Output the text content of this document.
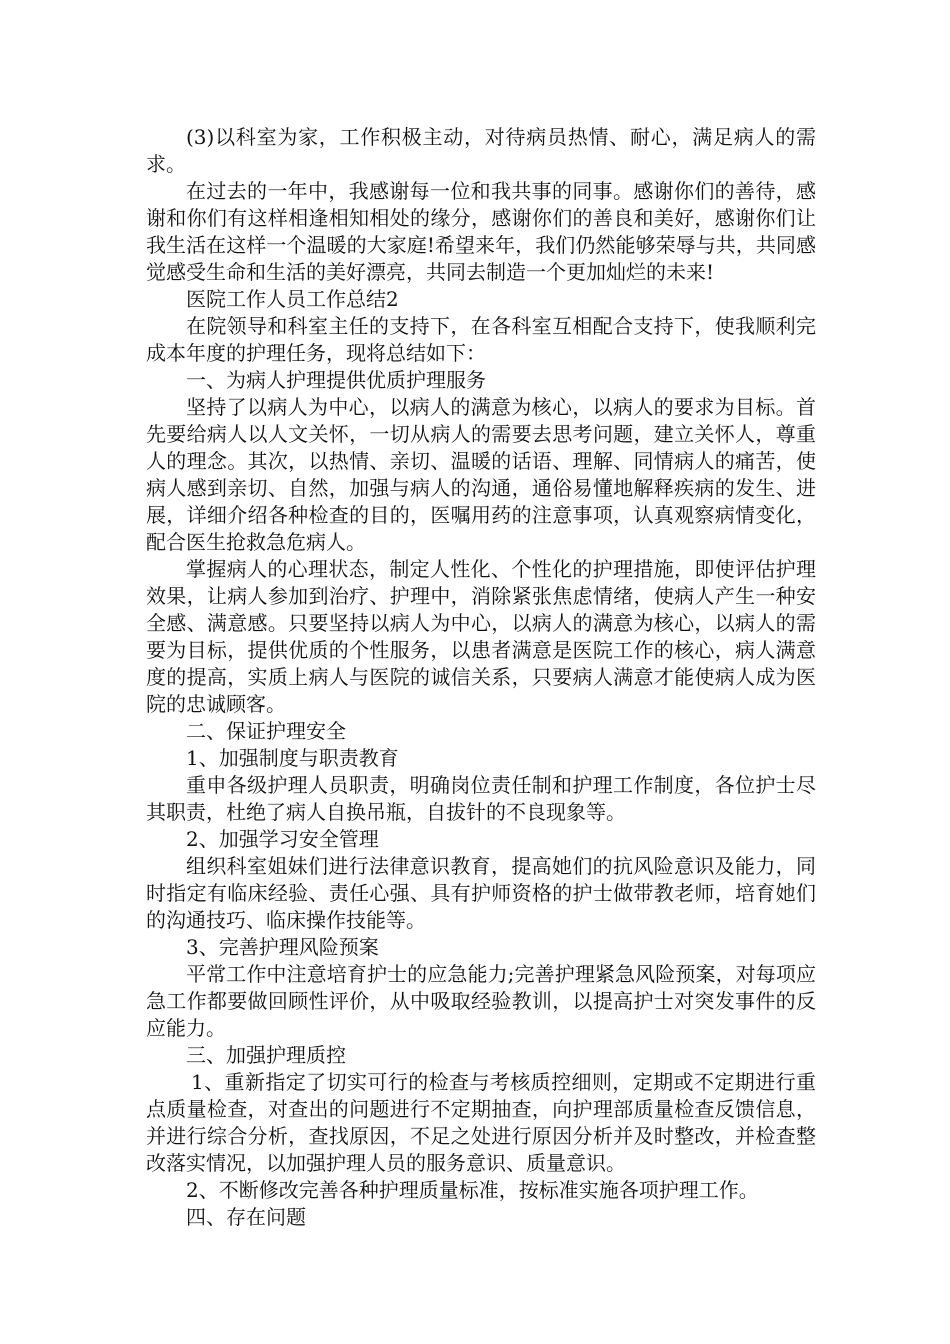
(3)以科室为家，工作积极主动，对待病员热情、耐心，满足病人的需求。

在过去的一年中，我感谢每一位和我共事的同事。感谢你们的善待，感谢和你们有这样相逢相知相处的缘分，感谢你们的善良和美好，感谢你们让我生活在这样一个温暖的大家庭!希望来年，我们仍然能够荣辱与共，共同感觉感受生命和生活的美好漂亮，共同去制造一个更加灿烂的未来!

医院工作人员工作总结2

在院领导和科室主任的支持下，在各科室互相配合支持下，使我顺利完成本年度的护理任务，现将总结如下：

一、为病人护理提供优质护理服务

坚持了以病人为中心，以病人的满意为核心，以病人的要求为目标。首先要给病人以人文关怀，一切从病人的需要去思考问题，建立关怀人，尊重人的理念。其次，以热情、亲切、温暖的话语、理解、同情病人的痛苦，使病人感到亲切、自然，加强与病人的沟通，通俗易懂地解释疾病的发生、进展，详细介绍各种检查的目的，医嘱用药的注意事项，认真观察病情变化，配合医生抢救急危病人。

掌握病人的心理状态，制定人性化、个性化的护理措施，即使评估护理效果，让病人参加到治疗、护理中，消除紧张焦虑情绪，使病人产生一种安全感、满意感。只要坚持以病人为中心，以病人的满意为核心，以病人的需要为目标，提供优质的个性服务，以患者满意是医院工作的核心，病人满意度的提高，实质上病人与医院的诚信关系，只要病人满意才能使病人成为医院的忠诚顾客。

二、保证护理安全

1、加强制度与职责教育

重申各级护理人员职责，明确岗位责任制和护理工作制度，各位护士尽其职责，杜绝了病人自换吊瓶，自拔针的不良现象等。

2、加强学习安全管理

组织科室姐妹们进行法律意识教育，提高她们的抗风险意识及能力，同时指定有临床经验、责任心强、具有护师资格的护士做带教老师，培育她们的沟通技巧、临床操作技能等。

3、完善护理风险预案

平常工作中注意培育护士的应急能力;完善护理紧急风险预案，对每项应急工作都要做回顾性评价，从中吸取经验教训，以提高护士对突发事件的反应能力。

三、加强护理质控

1、重新指定了切实可行的检查与考核质控细则，定期或不定期进行重点质量检查，对查出的问题进行不定期抽查，向护理部质量检查反馈信息，并进行综合分析，查找原因，不足之处进行原因分析并及时整改，并检查整改落实情况，以加强护理人员的服务意识、质量意识。

2、不断修改完善各种护理质量标准，按标准实施各项护理工作。

四、存在问题
